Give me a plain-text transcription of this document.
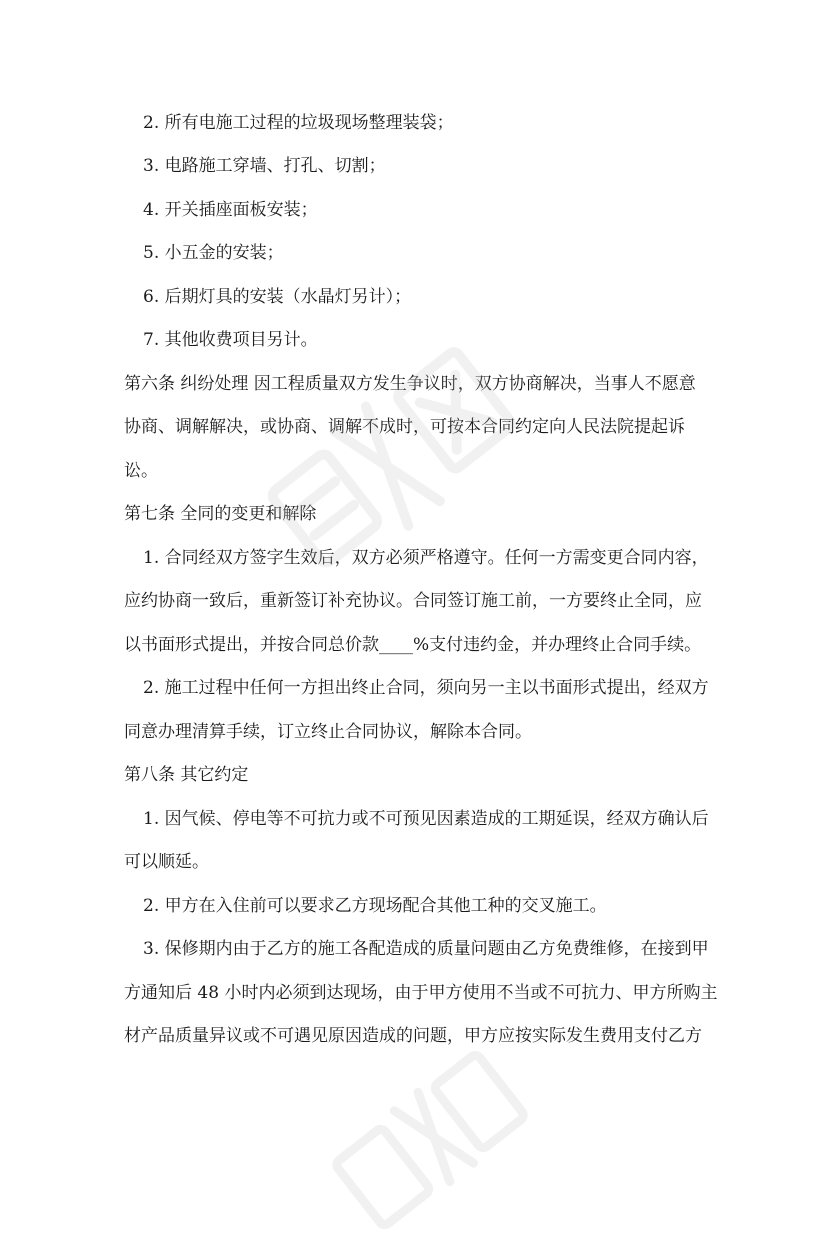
2. 所有电施工过程的垃圾现场整理装袋；
3. 电路施工穿墙、打孔、切割；
4. 开关插座面板安装；
5. 小五金的安装；
6. 后期灯具的安装（水晶灯另计）；
7. 其他收费项目另计。
第六条 纠纷处理 因工程质量双方发生争议时，双方协商解决，当事人不愿意
协商、调解解决，或协商、调解不成时，可按本合同约定向人民法院提起诉
讼。
第七条 全同的变更和解除
1. 合同经双方签字生效后，双方必须严格遵守。任何一方需变更合同内容，
应约协商一致后，重新签订补充协议。合同签订施工前，一方要终止全同，应
以书面形式提出，并按合同总价款____%支付违约金，并办理终止合同手续。
2. 施工过程中任何一方担出终止合同，须向另一主以书面形式提出，经双方
同意办理清算手续，订立终止合同协议，解除本合同。
第八条 其它约定
1. 因气候、停电等不可抗力或不可预见因素造成的工期延误，经双方确认后
可以顺延。
2. 甲方在入住前可以要求乙方现场配合其他工种的交叉施工。
3. 保修期内由于乙方的施工各配造成的质量问题由乙方免费维修，在接到甲
方通知后 48 小时内必须到达现场，由于甲方使用不当或不可抗力、甲方所购主
材产品质量异议或不可遇见原因造成的问题，甲方应按实际发生费用支付乙方
